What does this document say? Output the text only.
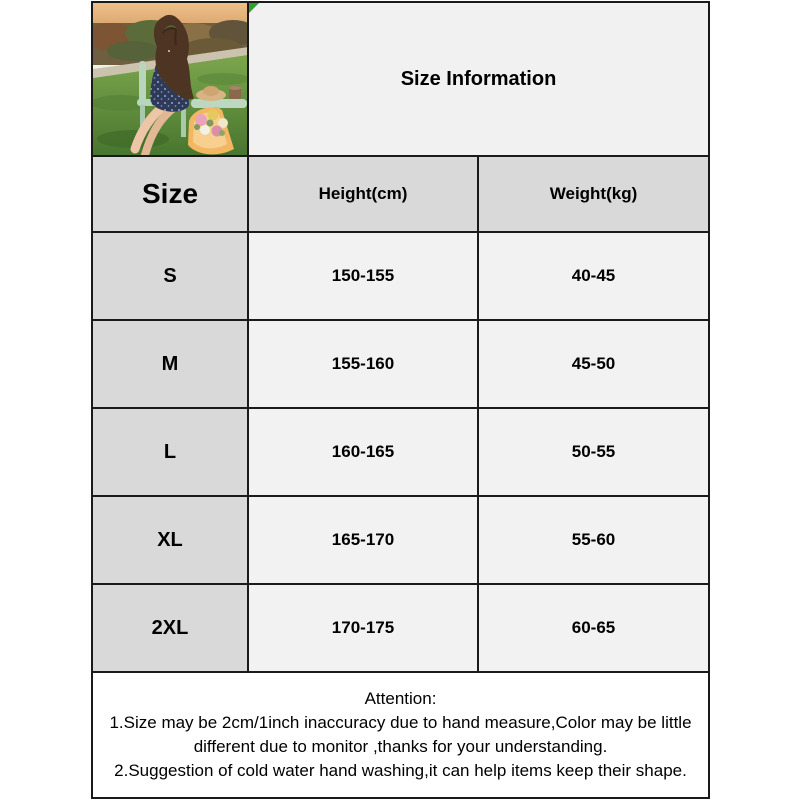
Size Information	
Size	Height(cm)	Weight(kg)
S	150-155	40-45
M	155-160	45-50
L	160-165	50-55
XL	165-170	55-60
2XL	170-175	60-65

Attention:

1.Size may be 2cm/1inch inaccuracy due to hand measure,Color may be little different due to monitor ,thanks for your understanding.

2.Suggestion of cold water hand washing,it can help items keep their shape.		
